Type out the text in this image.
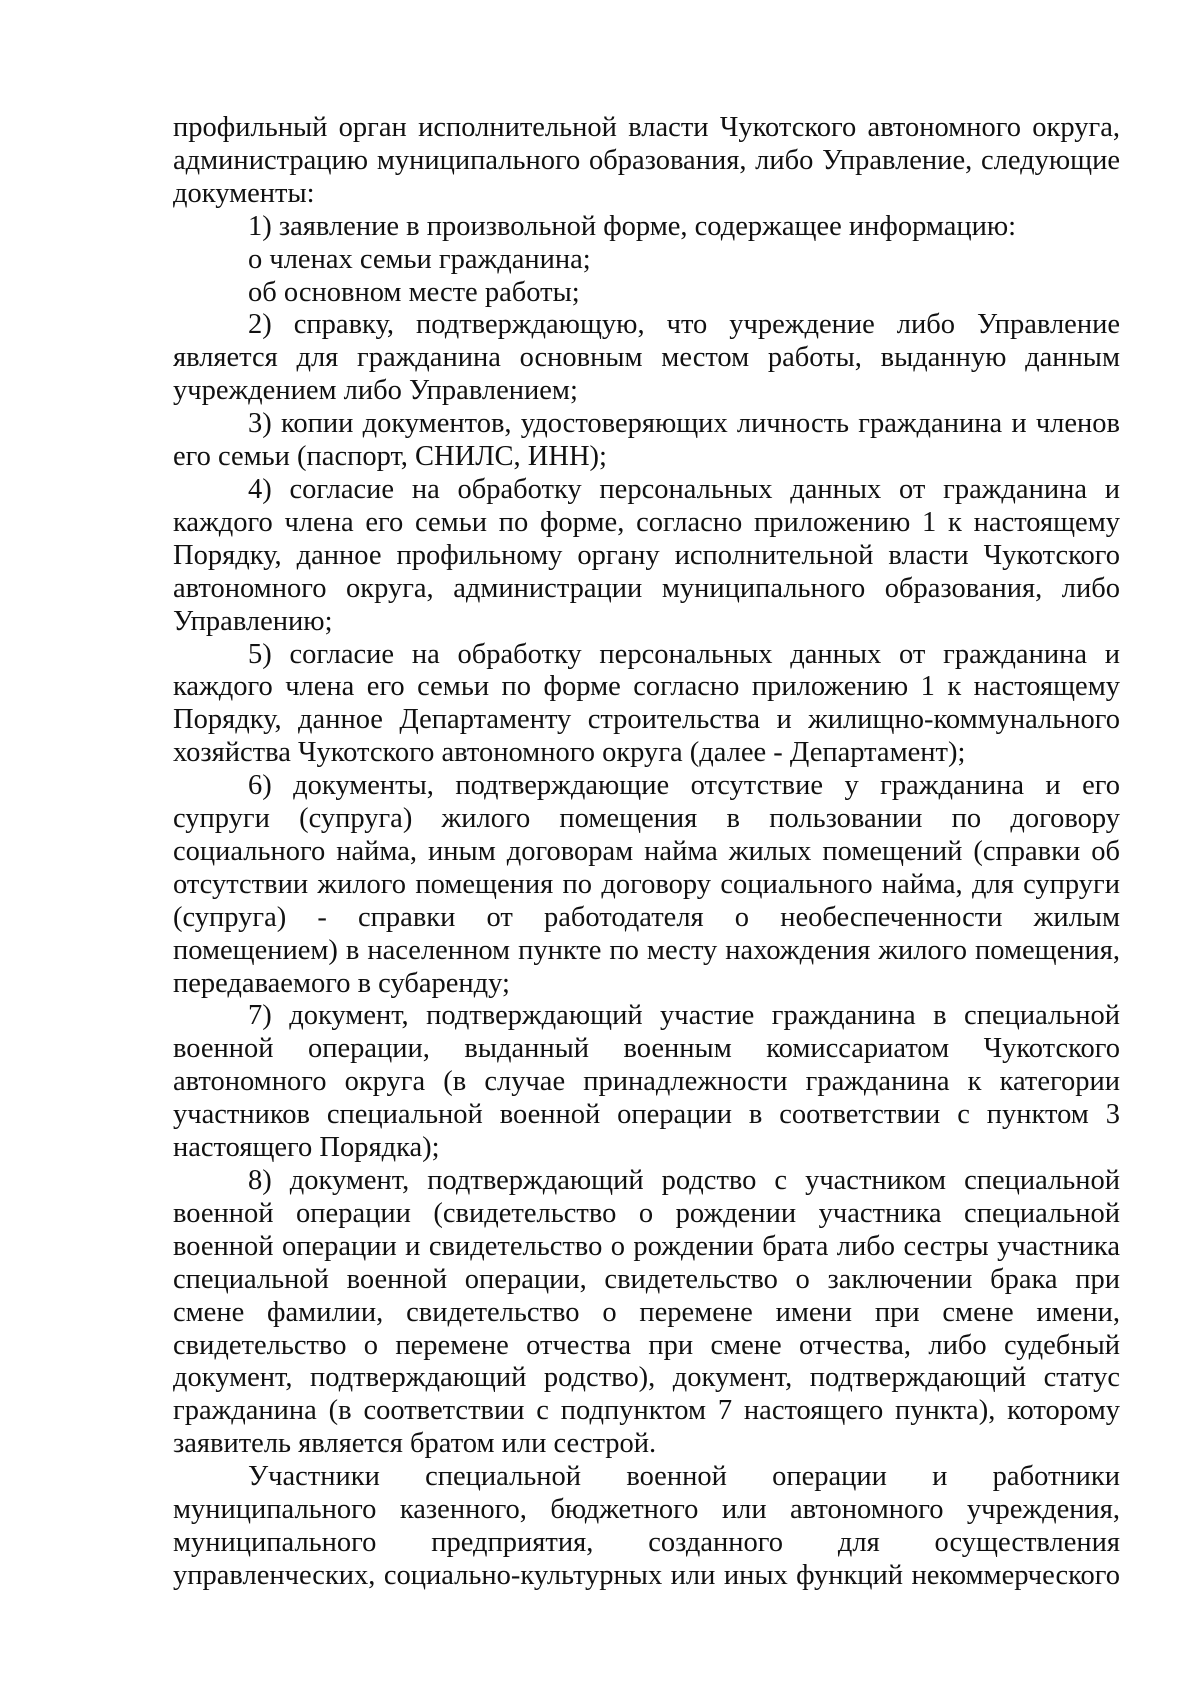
профильный орган исполнительной власти Чукотского автономного округа, администрацию муниципального образования, либо Управление, следующие документы:

1) заявление в произвольной форме, содержащее информацию:

о членах семьи гражданина;

об основном месте работы;

2) справку, подтверждающую, что учреждение либо Управление является для гражданина основным местом работы, выданную данным учреждением либо Управлением;

3) копии документов, удостоверяющих личность гражданина и членов его семьи (паспорт, СНИЛС, ИНН);

4) согласие на обработку персональных данных от гражданина и каждого члена его семьи по форме, согласно приложению 1 к настоящему Порядку, данное профильному органу исполнительной власти Чукотского автономного округа, администрации муниципального образования, либо Управлению;

5) согласие на обработку персональных данных от гражданина и каждого члена его семьи по форме согласно приложению 1 к настоящему Порядку, данное Департаменту строительства и жилищно-коммунального хозяйства Чукотского автономного округа (далее - Департамент);

6) документы, подтверждающие отсутствие у гражданина и его супруги (супруга) жилого помещения в пользовании по договору социального найма, иным договорам найма жилых помещений (справки об отсутствии жилого помещения по договору социального найма, для супруги (супруга) - справки от работодателя о необеспеченности жилым помещением) в населенном пункте по месту нахождения жилого помещения, передаваемого в субаренду;

7) документ, подтверждающий участие гражданина в специальной военной операции, выданный военным комиссариатом Чукотского автономного округа (в случае принадлежности гражданина к категории участников специальной военной операции в соответствии с пунктом 3 настоящего Порядка);

8) документ, подтверждающий родство с участником специальной военной операции (свидетельство о рождении участника специальной военной операции и свидетельство о рождении брата либо сестры участника специальной военной операции, свидетельство о заключении брака при смене фамилии, свидетельство о перемене имени при смене имени, свидетельство о перемене отчества при смене отчества, либо судебный документ, подтверждающий родство), документ, подтверждающий статус гражданина (в соответствии с подпунктом 7 настоящего пункта), которому заявитель является братом или сестрой.

Участники специальной военной операции и работники муниципального казенного, бюджетного или автономного учреждения, муниципального предприятия, созданного для осуществления управленческих, социально-культурных или иных функций некоммерческого
